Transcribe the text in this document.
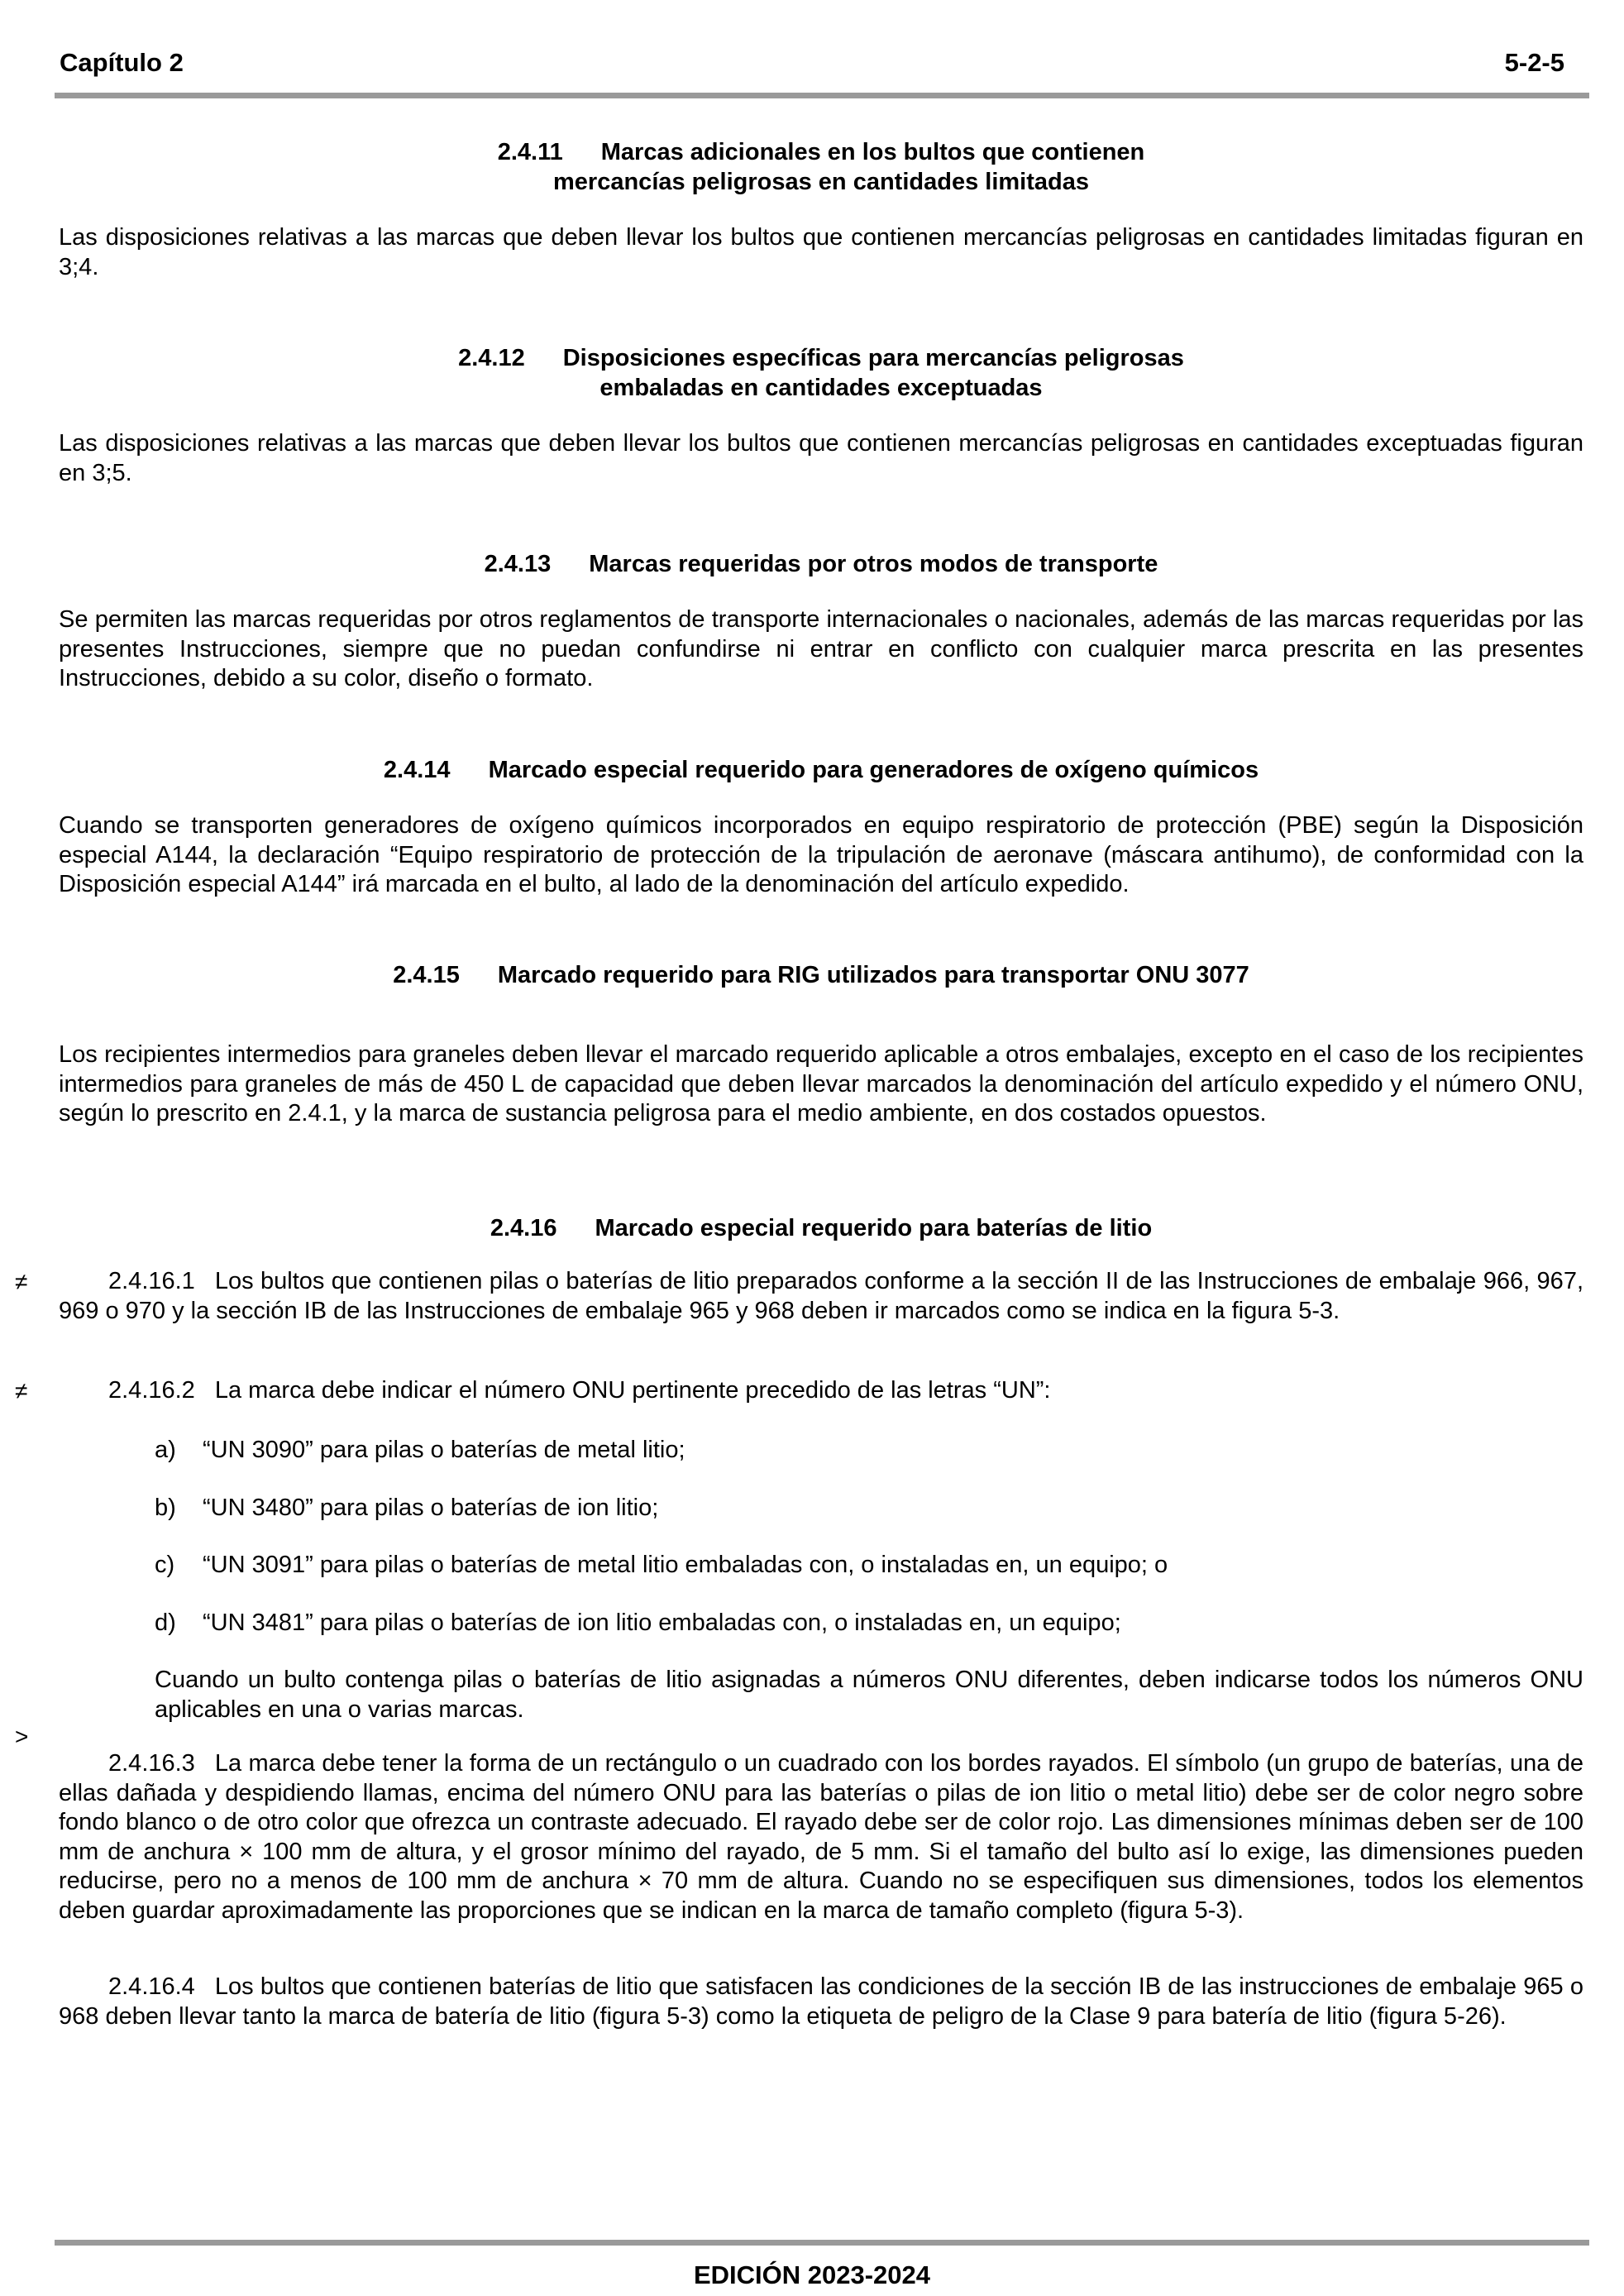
Capítulo 2	5-2-5
2.4.11 Marcas adicionales en los bultos que contienen
mercancías peligrosas en cantidades limitadas
Las disposiciones relativas a las marcas que deben llevar los bultos que contienen mercancías peligrosas en cantidades limitadas figuran en 3;4.
2.4.12 Disposiciones específicas para mercancías peligrosas
embaladas en cantidades exceptuadas
Las disposiciones relativas a las marcas que deben llevar los bultos que contienen mercancías peligrosas en cantidades exceptuadas figuran en 3;5.
2.4.13 Marcas requeridas por otros modos de transporte
Se permiten las marcas requeridas por otros reglamentos de transporte internacionales o nacionales, además de las marcas requeridas por las presentes Instrucciones, siempre que no puedan confundirse ni entrar en conflicto con cualquier marca prescrita en las presentes Instrucciones, debido a su color, diseño o formato.
2.4.14 Marcado especial requerido para generadores de oxígeno químicos
Cuando se transporten generadores de oxígeno químicos incorporados en equipo respiratorio de protección (PBE) según la Disposición especial A144, la declaración “Equipo respiratorio de protección de la tripulación de aeronave (máscara antihumo), de conformidad con la Disposición especial A144” irá marcada en el bulto, al lado de la denominación del artículo expedido.
2.4.15 Marcado requerido para RIG utilizados para transportar ONU 3077
Los recipientes intermedios para graneles deben llevar el marcado requerido aplicable a otros embalajes, excepto en el caso de los recipientes intermedios para graneles de más de 450 L de capacidad que deben llevar marcados la denominación del artículo expedido y el número ONU, según lo prescrito en 2.4.1, y la marca de sustancia peligrosa para el medio ambiente, en dos costados opuestos.
2.4.16 Marcado especial requerido para baterías de litio
2.4.16.1 Los bultos que contienen pilas o baterías de litio preparados conforme a la sección II de las Instrucciones de embalaje 966, 967, 969 o 970 y la sección IB de las Instrucciones de embalaje 965 y 968 deben ir marcados como se indica en la figura 5-3.
2.4.16.2 La marca debe indicar el número ONU pertinente precedido de las letras “UN”:
a) “UN 3090” para pilas o baterías de metal litio;
b) “UN 3480” para pilas o baterías de ion litio;
c) “UN 3091” para pilas o baterías de metal litio embaladas con, o instaladas en, un equipo; o
d) “UN 3481” para pilas o baterías de ion litio embaladas con, o instaladas en, un equipo;
Cuando un bulto contenga pilas o baterías de litio asignadas a números ONU diferentes, deben indicarse todos los números ONU aplicables en una o varias marcas.
2.4.16.3 La marca debe tener la forma de un rectángulo o un cuadrado con los bordes rayados. El símbolo (un grupo de baterías, una de ellas dañada y despidiendo llamas, encima del número ONU para las baterías o pilas de ion litio o metal litio) debe ser de color negro sobre fondo blanco o de otro color que ofrezca un contraste adecuado. El rayado debe ser de color rojo. Las dimensiones mínimas deben ser de 100 mm de anchura × 100 mm de altura, y el grosor mínimo del rayado, de 5 mm. Si el tamaño del bulto así lo exige, las dimensiones pueden reducirse, pero no a menos de 100 mm de anchura × 70 mm de altura. Cuando no se especifiquen sus dimensiones, todos los elementos deben guardar aproximadamente las proporciones que se indican en la marca de tamaño completo (figura 5-3).
2.4.16.4 Los bultos que contienen baterías de litio que satisfacen las condiciones de la sección IB de las instrucciones de embalaje 965 o 968 deben llevar tanto la marca de batería de litio (figura 5-3) como la etiqueta de peligro de la Clase 9 para batería de litio (figura 5-26).
≠
≠
>
EDICIÓN 2023-2024
